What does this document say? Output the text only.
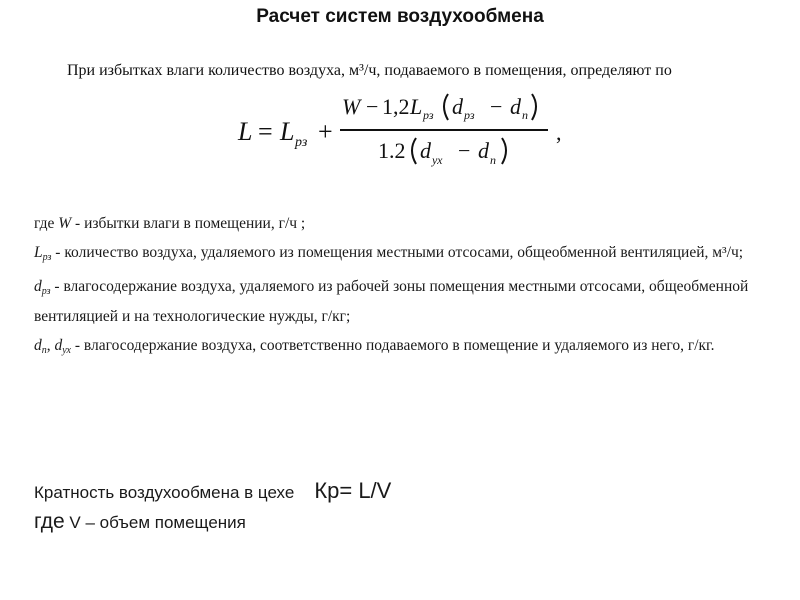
Расчет систем воздухообмена
При избытках влаги количество воздуха, м³/ч, подаваемого в помещения, определяют по
L = L рз +
W − 1,2 L рз d рз − d п
1.2 d ух − d п
,

где W - избытки влаги в помещении, г/ч ;

$L_{рз}$ - количество воздуха, удаляемого из помещения местными отсосами, общеобменной вентиляцией, м³/ч;

$d_{рз}$ - влагосодержание воздуха, удаляемого из рабочей зоны помещения местными отсосами, общеобменной вентиляцией и на технологические нужды, г/кг;

$d_п$, $d_{ух}$ - влагосодержание воздуха, соответственно подаваемого в помещение и удаляемого из него, г/кг.

Кратность воздухообмена в цехе Кр= L/V
где V – объем помещения
